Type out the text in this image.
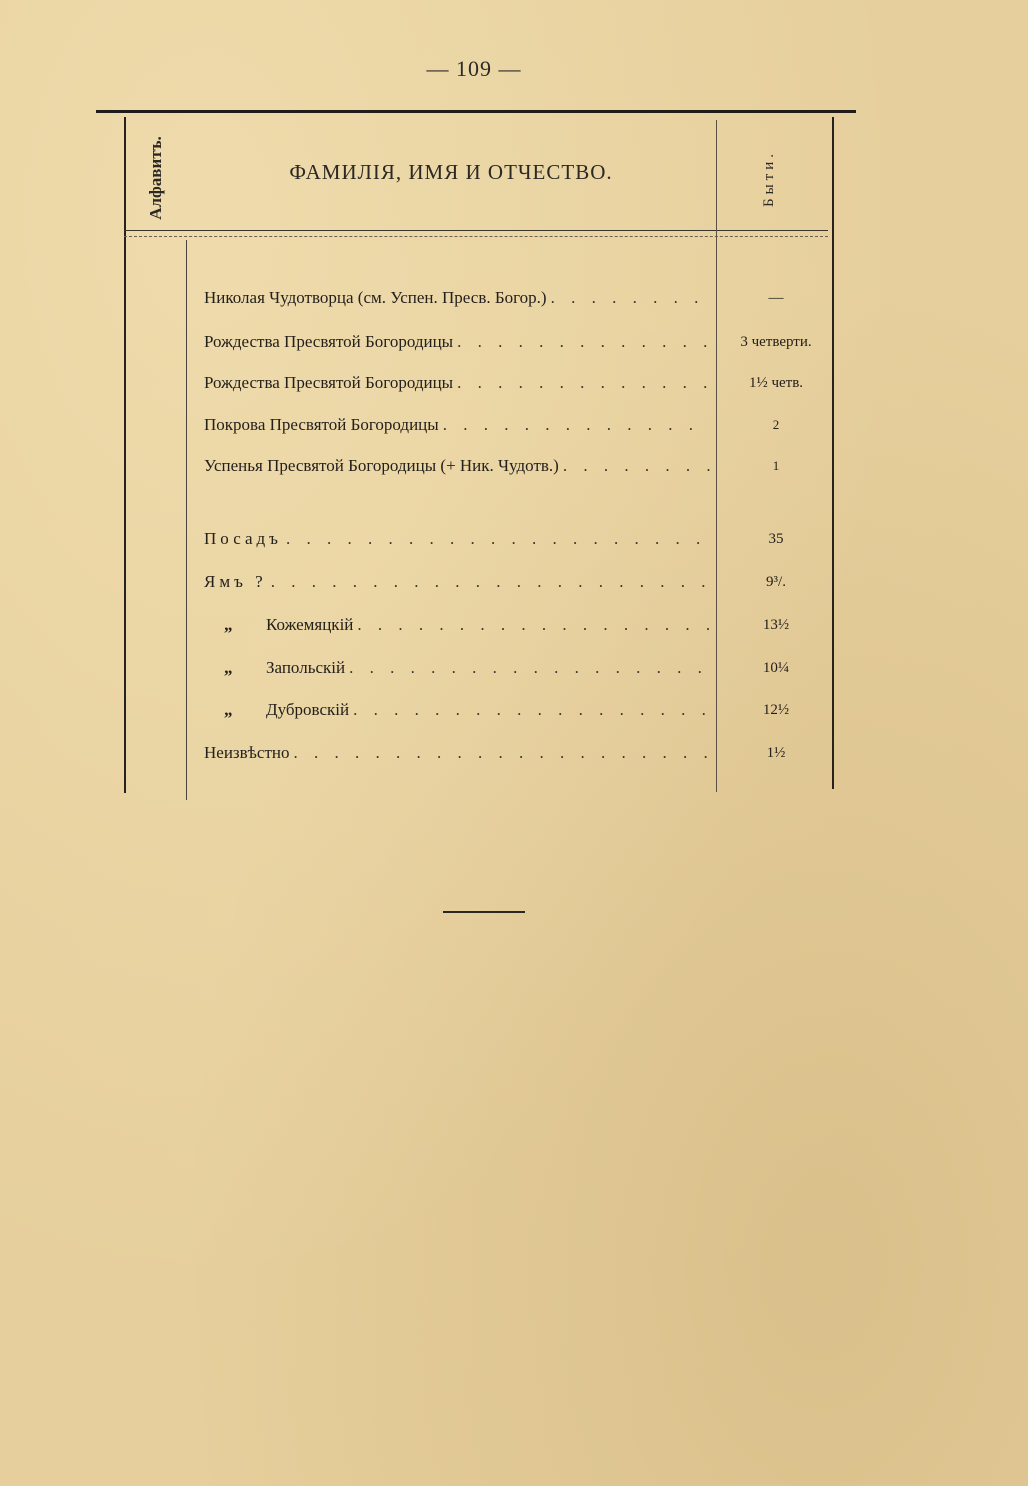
— 109 —
Алфавитъ.	ФАМИЛІЯ, ИМЯ И ОТЧЕСТВО.	Быти.
Николая Чудотворца (см. Успен. Пресв. Богор.) . . .	—
Рождества Пресвятой Богородицы . . .	3 четверти.
Рождества Пресвятой Богородицы . . .	1½ четв.
Покрова Пресвятой Богородицы . . .	2
Успенья Пресвятой Богородицы (+ Ник. Чудотв.) . . .	1
Посадъ . . .	35
Ямъ ? . . .	9³/.
„	Кожемяцкій . . .	13½
„	Запольскій . . .	10¼
„	Дубровскій . . .	12½
Неизвѣстно . . .	1½
